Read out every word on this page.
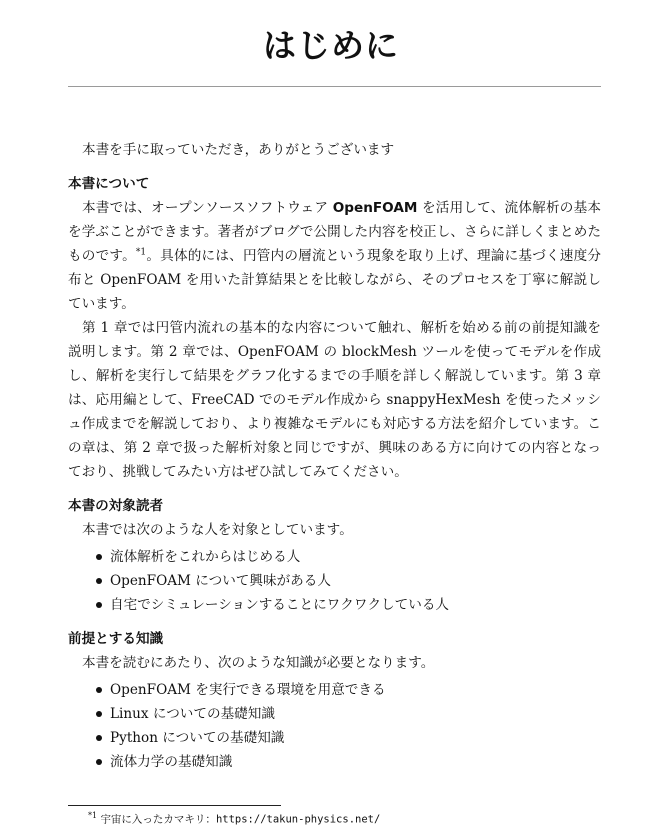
はじめに

本書を手に取っていただき，ありがとうございます

本書について

本書では、オープンソースソフトウェア OpenFOAM を活用して、流体解析の基本を学ぶことができます。著者がブログで公開した内容を校正し、さらに詳しくまとめたものです。$^{*1}$。具体的には、円管内の層流という現象を取り上げ、理論に基づく速度分布と OpenFOAM を用いた計算結果とを比較しながら、そのプロセスを丁寧に解説しています。

第 1 章では円管内流れの基本的な内容について触れ、解析を始める前の前提知識を説明します。第 2 章では、OpenFOAM の blockMesh ツールを使ってモデルを作成し、解析を実行して結果をグラフ化するまでの手順を詳しく解説しています。第 3 章は、応用編として、FreeCAD でのモデル作成から snappyHexMesh を使ったメッシュ作成までを解説しており、より複雑なモデルにも対応する方法を紹介しています。この章は、第 2 章で扱った解析対象と同じですが、興味のある方に向けての内容となっており、挑戦してみたい方はぜひ試してみてください。

本書の対象読者

本書では次のような人を対象としています。

流体解析をこれからはじめる人
OpenFOAM について興味がある人
自宅でシミュレーションすることにワクワクしている人
前提とする知識

本書を読むにあたり、次のような知識が必要となります。

OpenFOAM を実行できる環境を用意できる
Linux についての基礎知識
Python についての基礎知識
流体力学の基礎知識
$^{*1}$ 宇宙に入ったカマキリ：https://takun-physics.net/
